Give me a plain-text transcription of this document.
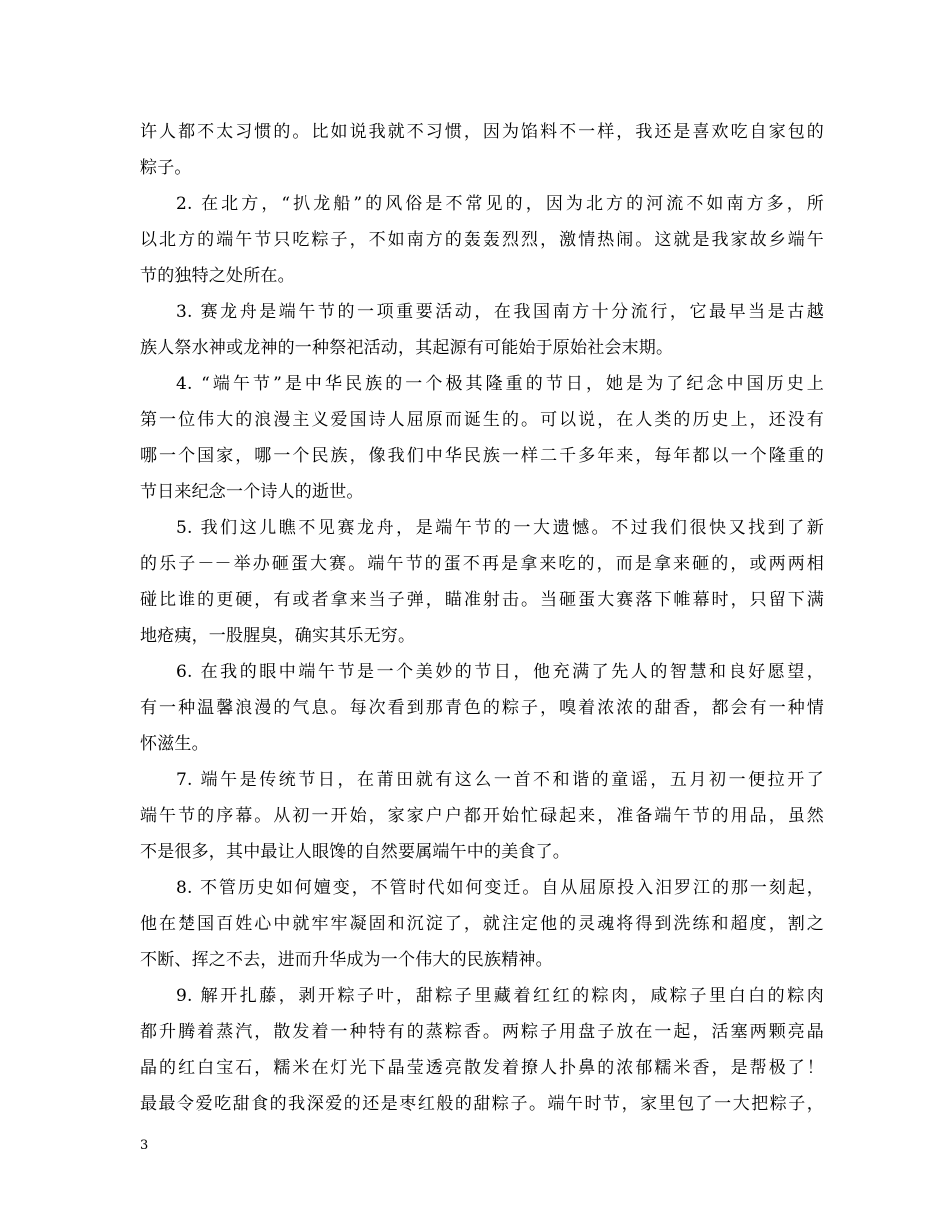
许人都不太习惯的。比如说我就不习惯，因为馅料不一样，我还是喜欢吃自家包的
粽子。
2. 在北方，“扒龙船”的风俗是不常见的，因为北方的河流不如南方多，所
以北方的端午节只吃粽子，不如南方的轰轰烈烈，激情热闹。这就是我家故乡端午
节的独特之处所在。
3. 赛龙舟是端午节的一项重要活动，在我国南方十分流行，它最早当是古越
族人祭水神或龙神的一种祭祀活动，其起源有可能始于原始社会末期。
4. “端午节”是中华民族的一个极其隆重的节日，她是为了纪念中国历史上
第一位伟大的浪漫主义爱国诗人屈原而诞生的。可以说，在人类的历史上，还没有
哪一个国家，哪一个民族，像我们中华民族一样二千多年来，每年都以一个隆重的
节日来纪念一个诗人的逝世。
5. 我们这儿瞧不见赛龙舟，是端午节的一大遗憾。不过我们很快又找到了新
的乐子－－举办砸蛋大赛。端午节的蛋不再是拿来吃的，而是拿来砸的，或两两相
碰比谁的更硬，有或者拿来当子弹，瞄准射击。当砸蛋大赛落下帷幕时，只留下满
地疮痍，一股腥臭，确实其乐无穷。
6. 在我的眼中端午节是一个美妙的节日，他充满了先人的智慧和良好愿望，
有一种温馨浪漫的气息。每次看到那青色的粽子，嗅着浓浓的甜香，都会有一种情
怀滋生。
7. 端午是传统节日，在莆田就有这么一首不和谐的童谣，五月初一便拉开了
端午节的序幕。从初一开始，家家户户都开始忙碌起来，准备端午节的用品，虽然
不是很多，其中最让人眼馋的自然要属端午中的美食了。
8. 不管历史如何嬗变，不管时代如何变迁。自从屈原投入汨罗江的那一刻起，
他在楚国百姓心中就牢牢凝固和沉淀了，就注定他的灵魂将得到洗练和超度，割之
不断、挥之不去，进而升华成为一个伟大的民族精神。
9. 解开扎藤，剥开粽子叶，甜粽子里藏着红红的粽肉，咸粽子里白白的粽肉
都升腾着蒸汽，散发着一种特有的蒸粽香。两粽子用盘子放在一起，活塞两颗亮晶
晶的红白宝石，糯米在灯光下晶莹透亮散发着撩人扑鼻的浓郁糯米香，是帮极了！
最最令爱吃甜食的我深爱的还是枣红般的甜粽子。端午时节，家里包了一大把粽子，
3
